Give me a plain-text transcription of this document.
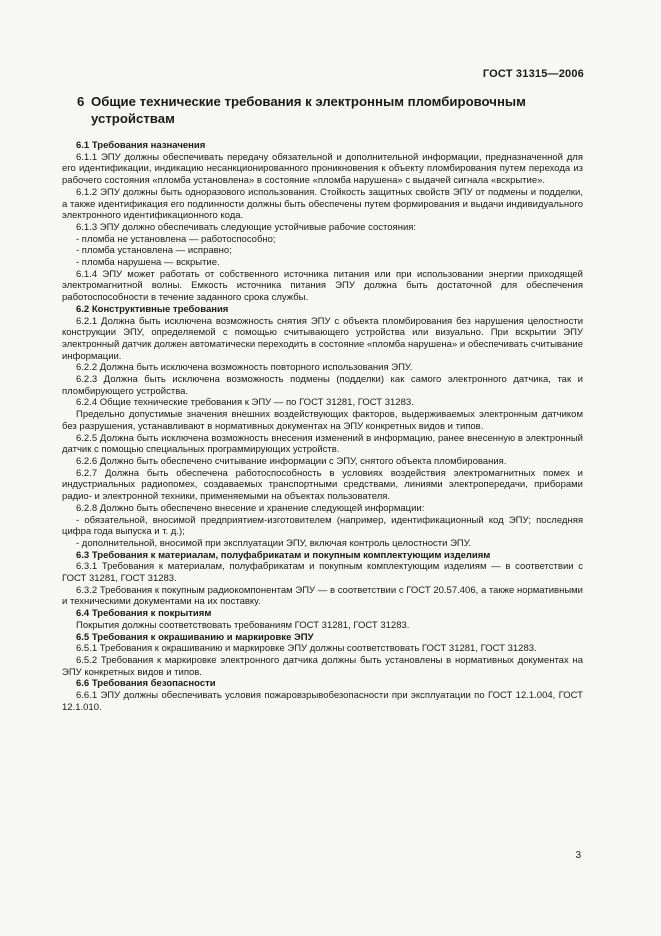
ГОСТ 31315—2006
6 Общие технические требования к электронным пломбировочным устройствам

6.1 Требования назначения

6.1.1 ЭПУ должны обеспечивать передачу обязательной и дополнительной информации, предназначенной для его идентификации, индикацию несанкционированного проникновения к объекту пломбирования путем перехода из рабочего состояния «пломба установлена» в состояние «пломба нарушена» с выдачей сигнала «вскрытие».

6.1.2 ЭПУ должны быть одноразового использования. Стойкость защитных свойств ЭПУ от подмены и подделки, а также идентификация его подлинности должны быть обеспечены путем формирования и выдачи индивидуального электронного идентификационного кода.

6.1.3 ЭПУ должно обеспечивать следующие устойчивые рабочие состояния:

- пломба не установлена — работоспособно;

- пломба установлена — исправно;

- пломба нарушена — вскрытие.

6.1.4 ЭПУ может работать от собственного источника питания или при использовании энергии приходящей электромагнитной волны. Емкость источника питания ЭПУ должна быть достаточной для обеспечения работоспособности в течение заданного срока службы.

6.2 Конструктивные требования

6.2.1 Должна быть исключена возможность снятия ЭПУ с объекта пломбирования без нарушения целостности конструкции ЭПУ, определяемой с помощью считывающего устройства или визуально. При вскрытии ЭПУ электронный датчик должен автоматически переходить в состояние «пломба нарушена» и обеспечивать считывание информации.

6.2.2 Должна быть исключена возможность повторного использования ЭПУ.

6.2.3 Должна быть исключена возможность подмены (подделки) как самого электронного датчика, так и пломбирующего устройства.

6.2.4 Общие технические требования к ЭПУ — по ГОСТ 31281, ГОСТ 31283.

Предельно допустимые значения внешних воздействующих факторов, выдерживаемых электронным датчиком без разрушения, устанавливают в нормативных документах на ЭПУ конкретных видов и типов.

6.2.5 Должна быть исключена возможность внесения изменений в информацию, ранее внесенную в электронный датчик с помощью специальных программирующих устройств.

6.2.6 Должно быть обеспечено считывание информации с ЭПУ, снятого объекта пломбирования.

6.2.7 Должна быть обеспечена работоспособность в условиях воздействия электромагнитных помех и индустриальных радиопомех, создаваемых транспортными средствами, линиями электропередачи, приборами радио- и электронной техники, применяемыми на объектах пользователя.

6.2.8 Должно быть обеспечено внесение и хранение следующей информации:

- обязательной, вносимой предприятием-изготовителем (например, идентификационный код ЭПУ; последняя цифра года выпуска и т. д.);

- дополнительной, вносимой при эксплуатации ЭПУ, включая контроль целостности ЭПУ.

6.3 Требования к материалам, полуфабрикатам и покупным комплектующим изделиям

6.3.1 Требования к материалам, полуфабрикатам и покупным комплектующим изделиям — в соответствии с ГОСТ 31281, ГОСТ 31283.

6.3.2 Требования к покупным радиокомпонентам ЭПУ — в соответствии с ГОСТ 20.57.406, а также нормативными и техническими документами на их поставку.

6.4 Требования к покрытиям

Покрытия должны соответствовать требованиям ГОСТ 31281, ГОСТ 31283.

6.5 Требования к окрашиванию и маркировке ЭПУ

6.5.1 Требования к окрашиванию и маркировке ЭПУ должны соответствовать ГОСТ 31281, ГОСТ 31283.

6.5.2 Требования к маркировке электронного датчика должны быть установлены в нормативных документах на ЭПУ конкретных видов и типов.

6.6 Требования безопасности

6.6.1 ЭПУ должны обеспечивать условия пожаровзрывобезопасности при эксплуатации по ГОСТ 12.1.004, ГОСТ 12.1.010.

3
